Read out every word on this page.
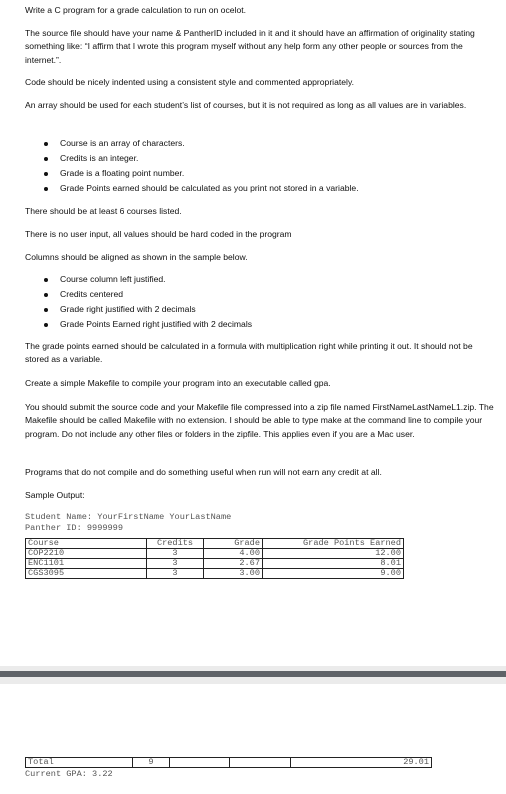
Write a C program for a grade calculation to run on ocelot.

The source file should have your name & PantherID included in it and it should have an affirmation of originality stating something like: “I affirm that I wrote this program myself without any help form any other people or sources from the internet.”.

Code should be nicely indented using a consistent style and commented appropriately.

An array should be used for each student’s list of courses, but it is not required as long as all values are in variables.

Course is an array of characters.
Credits is an integer.
Grade is a floating point number.
Grade Points earned should be calculated as you print not stored in a variable.

There should be at least 6 courses listed.

There is no user input, all values should be hard coded in the program

Columns should be aligned as shown in the sample below.

Course column left justified.
Credits centered
Grade right justified with 2 decimals
Grade Points Earned right justified with 2 decimals

The grade points earned should be calculated in a formula with multiplication right while printing it out. It should not be stored as a variable.

Create a simple Makefile to compile your program into an executable called gpa.

You should submit the source code and your Makefile file compressed into a zip file named FirstNameLastNameL1.zip. The Makefile should be called Makefile with no extension. I should be able to type make at the command line to compile your program. Do not include any other files or folders in the zipfile. This applies even if you are a Mac user.

Programs that do not compile and do something useful when run will not earn any credit at all.

Sample Output:

Student Name: YourFirstName YourLastName
Panther ID: 9999999
Course	Credits	Grade	Grade Points Earned
COP2210	3	4.00	12.00
ENC1101	3	2.67	8.01
CGS3095	3	3.00	9.00
Total	9			29.01
Current GPA: 3.22
